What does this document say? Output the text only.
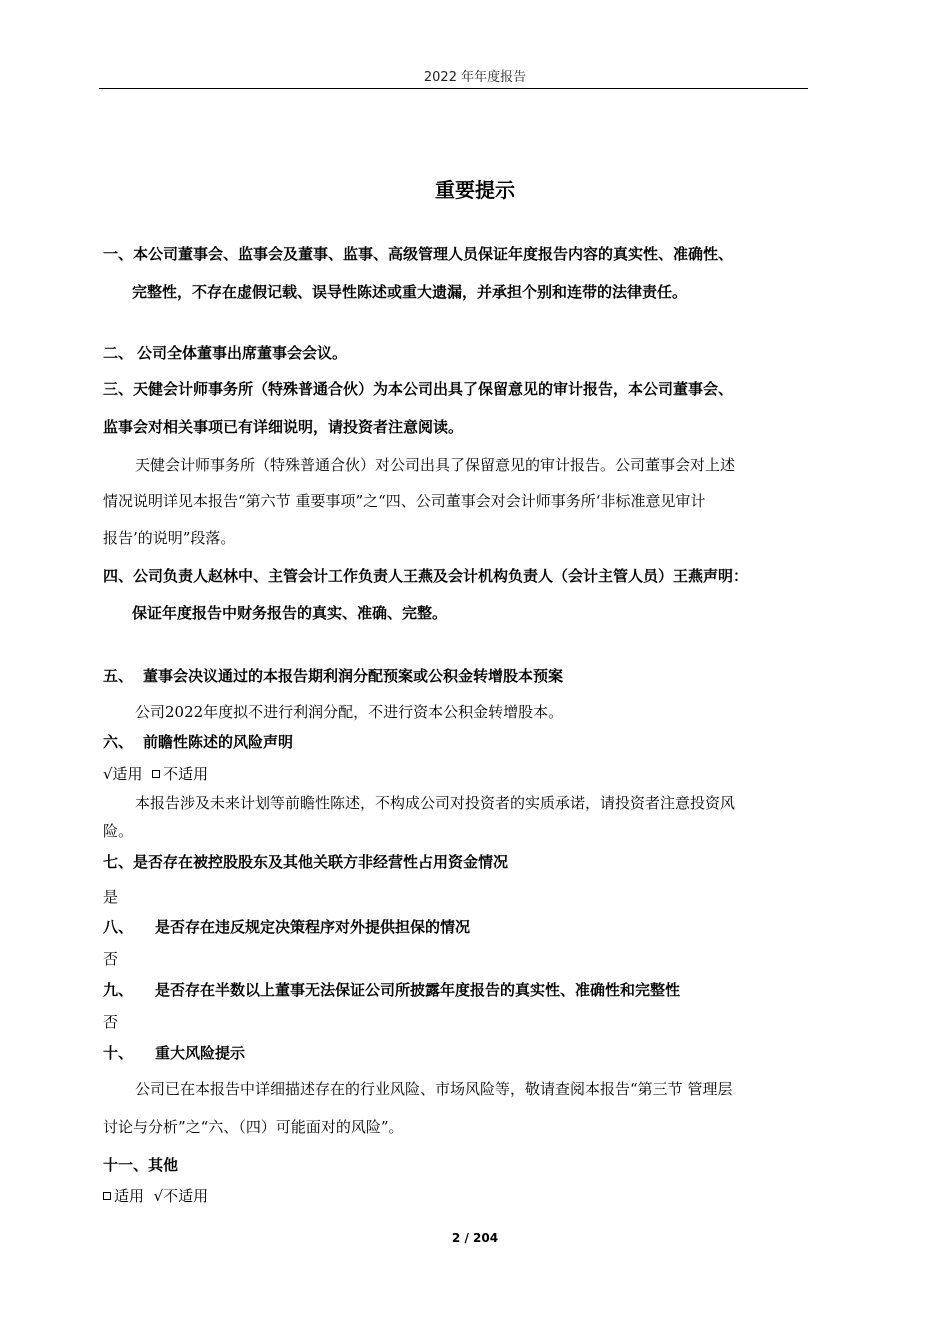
2022 年年度报告
重要提示
一、本公司董事会、监事会及董事、监事、高级管理人员保证年度报告内容的真实性、准确性、
完整性，不存在虚假记载、误导性陈述或重大遗漏，并承担个别和连带的法律责任。
二、 公司全体董事出席董事会会议。
三、天健会计师事务所（特殊普通合伙）为本公司出具了保留意见的审计报告，本公司董事会、
监事会对相关事项已有详细说明，请投资者注意阅读。
天健会计师事务所（特殊普通合伙）对公司出具了保留意见的审计报告。公司董事会对上述
情况说明详见本报告“第六节 重要事项”之“四、公司董事会对会计师事务所‘非标准意见审计
报告’的说明”段落。
四、公司负责人赵林中、主管会计工作负责人王燕及会计机构负责人（会计主管人员）王燕声明：
保证年度报告中财务报告的真实、准确、完整。
五、 董事会决议通过的本报告期利润分配预案或公积金转增股本预案
公司2022年度拟不进行利润分配，不进行资本公积金转增股本。
六、 前瞻性陈述的风险声明
√适用 不适用
本报告涉及未来计划等前瞻性陈述，不构成公司对投资者的实质承诺，请投资者注意投资风
险。
七、是否存在被控股股东及其他关联方非经营性占用资金情况
是
八、 是否存在违反规定决策程序对外提供担保的情况
否
九、 是否存在半数以上董事无法保证公司所披露年度报告的真实性、准确性和完整性
否
十、 重大风险提示
公司已在本报告中详细描述存在的行业风险、市场风险等，敬请查阅本报告“第三节 管理层
讨论与分析”之“六、（四）可能面对的风险”。
十一、其他
适用 √不适用
2 / 204
